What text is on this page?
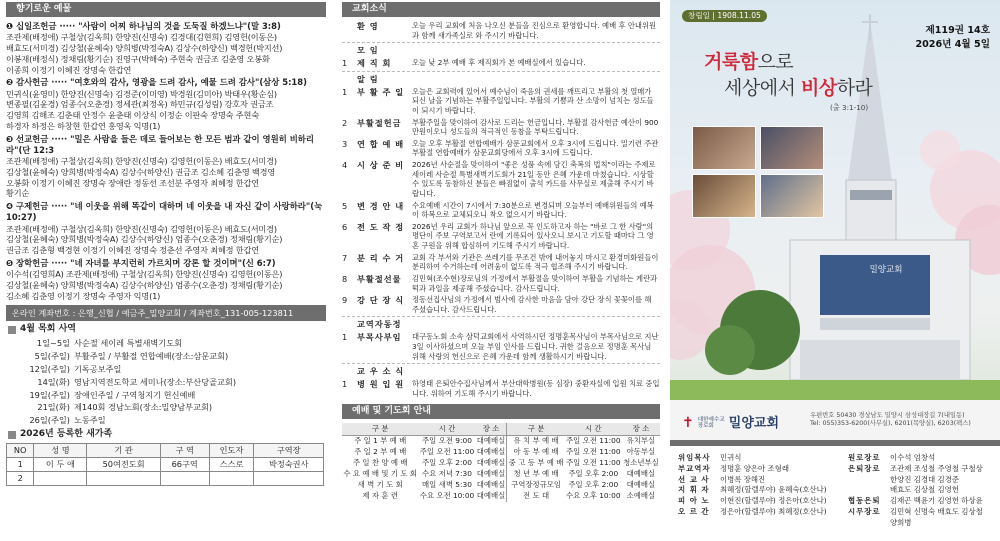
향기로운 예물
❶ 십일조헌금 ····· "사람이 어찌 하나님의 것을 도둑질 하겠느냐"(말 3:8)
조관제(배정애) 구철상(김옥희) 한양진(신명숙) 김경대(김현희) 김영헌(이동은)
배효도(서미경) 김상철(윤혜숙) 양희병(박정숙A) 김상수(하양신) 백경헌(박지선)
이봉재(배정식) 정채림(황기순) 진영구(박해숙) 주현숙 권금조 김춘영 오봉화
이종희 이정기 이혜진 장명숙 한갑연
❷ 감사헌금 ····· "여호와의 감사, 영광을 드려 감사, 예물 드려 감사"(삼상 5:18)
민귀식(윤영미) 한양진(신명숙) 김경준(이미영) 박경원(김미아) 박태우(황순심)
변종필(김윤경) 엄종수(오춘경) 정세관(최정옥) 하민규(김성림) 강호자 권금조
김영희 김해조 김춘태 안정수 윤춘태 이상식 이정순 이판숙 장명숙 주현숙
하경자 하정은 하창현 한갑연 홍영옥 익명(1)
❸ 선교헌금 ····· "밀은 사람을 들은 데로 들어보는 한 모든 범과 같이 영원히 비하리라"(단 12:3
조관제(배정애) 구철상(김옥희) 한양진(신명숙) 김영헌(이동은) 배효도(서미경)
김상철(윤혜숙) 양희병(박정숙A) 김상수(하양신) 권금조 김소혜 김춘영 백경영
오봉화 이정기 이혜진 장명숙 장애란 정동선 조선분 주영자 최혜정 한갑연
황기순
❹ 구제헌금 ····· "네 이웃을 위해 똑같이 대하며 네 이웃을 내 자신 같이 사랑하라"(눅 10:27)
조관제(배정애) 구철상(김옥희) 한양진(신명숙) 김영헌(이동은) 배효도(서미경)
김상철(윤혜숙) 양희병(박정숙A) 김상수(하양신) 엄종수(오춘경) 정채림(황기순)
권금조 김춘형 백경현 이정기 이혜진 장명숙 정춘선 주영자 최혜정 한갑연
❺ 장학헌금 ····· "네 자녀를 부지런히 가르치며 강론 할 것이며"(신 6:7)
이수석(김영희A) 조관제(배정애) 구철상(김옥희) 한양진(신명숙) 김영헌(이동은)
김상철(윤혜숙) 양희병(박정숙A) 김상수(하양신) 엄종수(오춘경) 정채림(황기순)
김소혜 김춘영 이정기 장명숙 주영자 익명(1)
온라인 계좌번호 : 은행_신협 / 예금주_밀양교회 / 계좌번호_131-005-123811
4월 목회 사역
1일~5일 사순절 세이레 특별새벽기도회
5일(주일) 부활주일 / 부활절 연합예배(장소:삼문교회)
12일(주일) 기독공보주일
14일(화) 영남지역전도학교 세미나(장소:부산당골교회)
19일(주일) 장애인주일 / 구역청지기 헌신예배
21일(화) 제140회 경남노회(장소:밀양남부교회)
26일(주일) 노동주일
2026년 등록한 새가족
NO	성 명	기 관	구 역	인도자	구역장
1	이 두 애	50여전도회	66구역	스스로	박정숙권사
2					
교회소식
환 영	오늘 우리 교회에 처음 나오신 분들을 진심으로 환영합니다. 예배 후 안내위원과 함께 새가족실로 와 주시기 바랍니다.
모 임
1	제 직 회	오늘 낮 2부 예배 후 제직회가 본 예배실에서 있습니다.
알 림
1	부 활 주 일	오늘은 교회력에 있어서 예수님이 죽음의 권세를 깨뜨리고 부활의 첫 열매가 되신 날을 기념하는 부활주일입니다. 부활의 기쁨과 산 소망이 넘치는 성도들이 되시기 바랍니다.
2	부활절헌금	부활주일을 맞이하여 감사로 드리는 헌금입니다. 부활절 감사헌금 예산이 900만원이오니 성도들의 적극적인 동참을 부탁드립니다.
3	연 합 예 배	오늘 오후 부활절 연합예배가 삼문교회에서 오후 3시에 드립니다. 밀기련 주관 부활절 연합예배가 삼문교회당에서 오후 3시에 드립니다.
4	시 상 준 비	2026년 사순절을 맞이하여 "좋은 성품 속에 담긴 축복의 법칙"이라는 주제로 세이레 사순절 특별새벽기도회가 21일 동안 은혜 가운데 마쳤습니다. 시상할 수 있도록 동참하신 분들은 빠짐없이 출석 카드를 사무실로 제출해 주시기 바랍니다.
5	변 경 안 내	수요예배 시간이 7시에서 7:30분으로 변경되며 오늘부터 예배위원들의 예복이 하복으로 교체되오니 착오 없으시기 바랍니다.
6	전 도 작 정	2026년 우리 교회가 하나님 앞으로 꼭 인도하고자 하는 "바로 그 한 사람"의 명단이 주보 구역보고서 란에 기록되어 있사오니 보시고 기도할 때마다 그 영혼 구원을 위해 합심하여 기도해 주시기 바랍니다.
7	분 리 수 거	교회 각 부서와 기관은 쓰레기를 무조건 밖에 내어놓지 마시고 환경미화원들이 분리하여 수거하는데 어려움이 없도록 적극 협조해 주시기 바랍니다.
8	부활절선물	김민혁(조수현)장로님의 가정에서 부활절을 맞이하여 부활을 기념하는 계란과 떡과 과일을 제공해 주셨습니다. 감사드립니다.
9	강 단 장 식	정동선집사님의 가정에서 범사에 감사한 마음을 담아 강단 장식 꽃꽂이를 해 주셨습니다. 감사드립니다.
교역자동정
1	부목사부임	대구동노회 소속 삼덕교회에서 사역하시던 정명훈목사님이 부목사님으로 지난 3일 이사하셨으며 오늘 부임 인사를 드립니다. 귀한 걸음으로 정명훈 목사님 위해 사랑의 헌신으로 은혜 가운데 함께 생활하시기 바랍니다.
교 우 소 식
1	병 원 입 원	하영태 은퇴안수집사님께서 부산대학병원(동 심장) 중환자실에 입원 치료 중입니다. 위하여 기도해 주시기 바랍니다.
예배 및 기도회 안내
구 분	시 간	장 소	구 분	시 간	장 소
주 일 1 부 예 배	주일 오전 9:00	대예배실	유 치 부 예 배	주일 오전 11:00	유치부실
주 일 2 부 예 배	주일 오전 11:00	대예배실	아 동 부 예 배	주일 오전 11:00	아동부실
주 일 찬 양 예 배	주일 오후 2:00	대예배실	중 고 등 부 예 배	주일 오전 11:00	청소년부실
수 요 예 배 및 기 도 회	수요 저녁 7:30	대예배실	청 년 부 예 배	주일 오후 2:00	대예배실
새 벽 기 도 회	매일 새벽 5:30	대예배실	구역장정규모임	주일 오후 2:00	대예배실
제 자 훈 련	수요 오전 10:00	대예배실	전 도 대	수요 오후 10:00	소예배실
창립일 | 1908.11.05
제119권 14호
2026년 4월 5일
거룩함으로
세상에서 비상하라
(출 3:1-10)
밀양교회
✝ 대한예수교
장로회	밀양교회
우편번호 50430 경상남도 밀양시 삼성대장길 7(내일동)
Tel: 055)353-6200(사무실), 6201(목양실), 6203(팩스)
위임목사	민귀식
부교역자	정명훈 양은아 조형래
선 교 사	이병록 장해진
지 휘 자	최혜정(할렐루야) 윤혜숙(호산나)
피 아 노	이현진(할렐루야) 정은아(호산나)
오 르 간	정은아(할렐루야) 최혜정(호산나)
원로장로	이수석 엄창석
은퇴장로	조관제 조성철 주영철 구철상
한양진 김경대 김경준
배효도 김상철 김영헌
협동은퇴	김재곤 백윤기 김영헌 하상윤
시무장로	김민혁 신명숙 배효도 김상철
양희병
